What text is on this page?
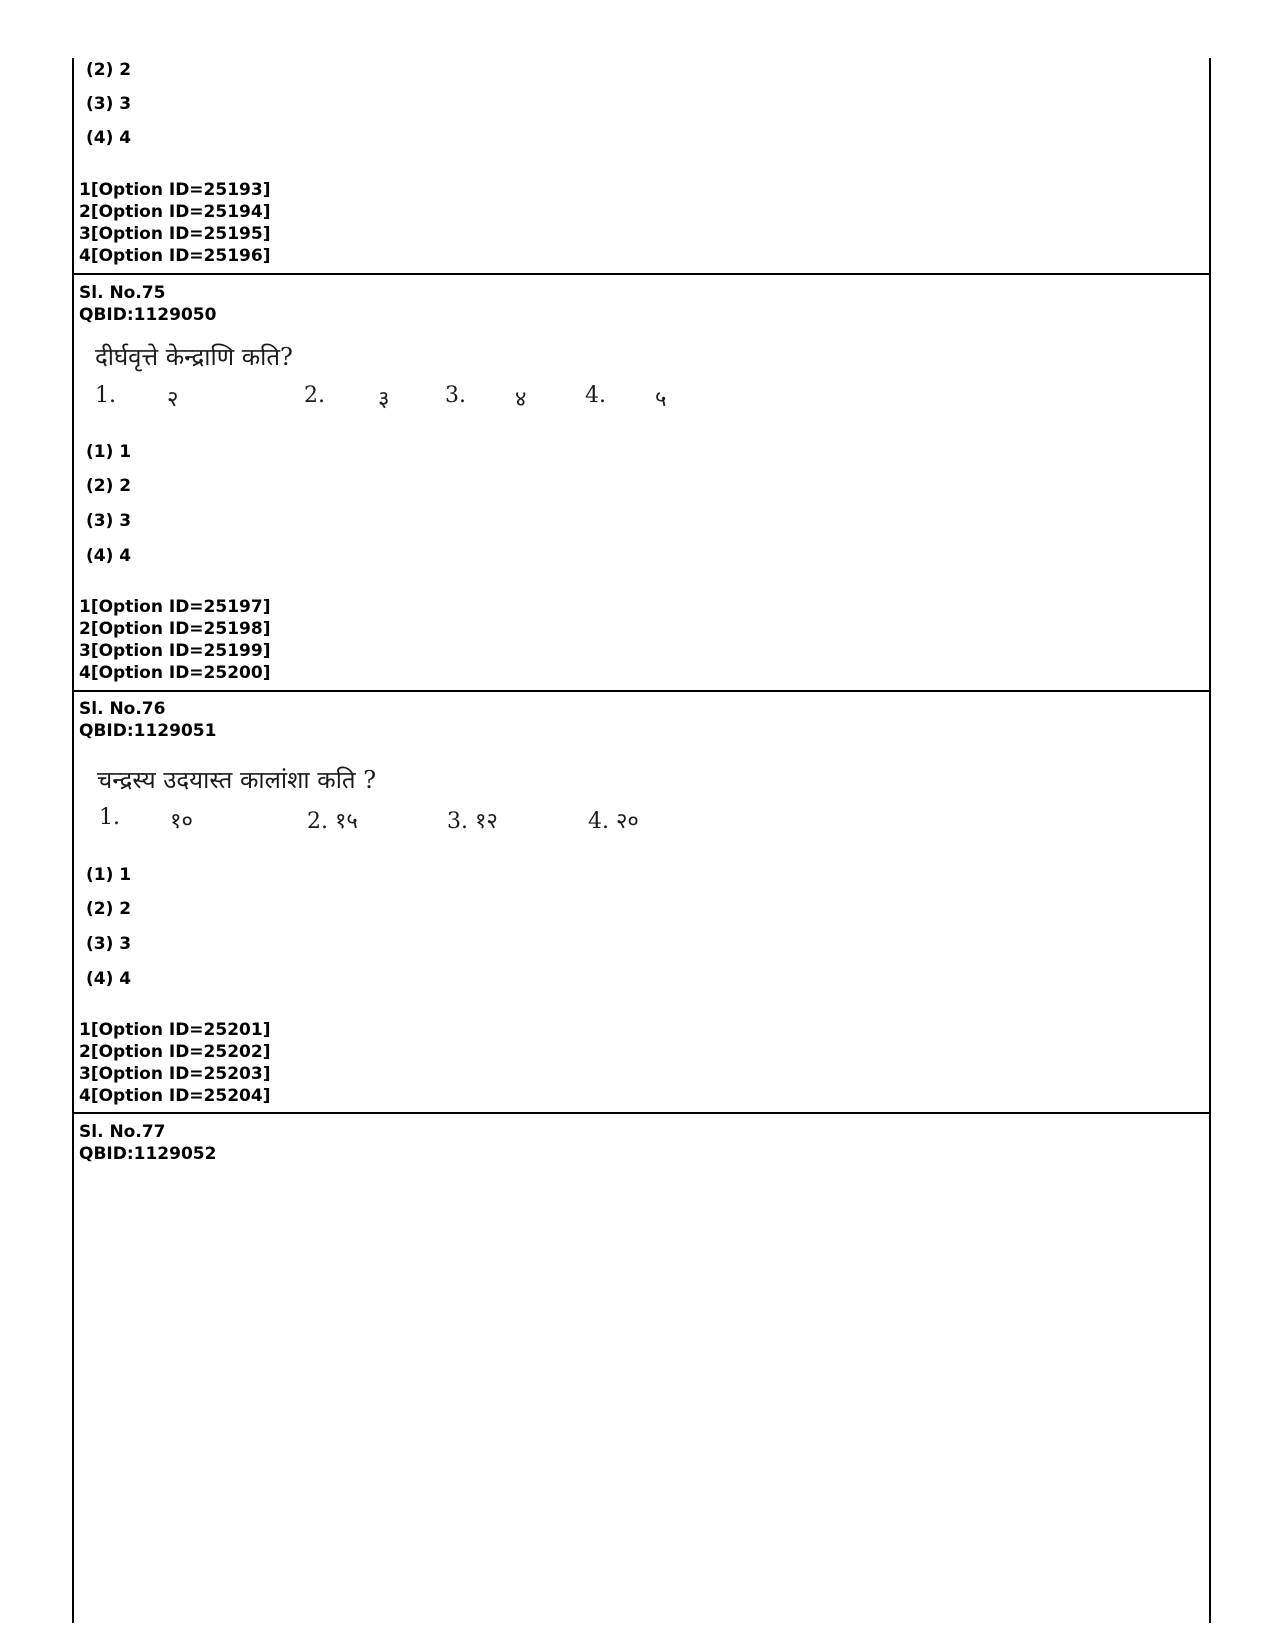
(2) 2
(3) 3
(4) 4
1[Option ID=25193]
2[Option ID=25194]
3[Option ID=25195]
4[Option ID=25196]
Sl. No.75
QBID:1129050
दीर्घवृत्ते केन्द्राणि कति?
1. २	2. ३	3. ४	4. ५
(1) 1
(2) 2
(3) 3
(4) 4
1[Option ID=25197]
2[Option ID=25198]
3[Option ID=25199]
4[Option ID=25200]
Sl. No.76
QBID:1129051
चन्द्रस्य उदयास्त कालांशा कति ?
1. १०	2. १५	3. १२	4. २०
(1) 1
(2) 2
(3) 3
(4) 4
1[Option ID=25201]
2[Option ID=25202]
3[Option ID=25203]
4[Option ID=25204]
Sl. No.77
QBID:1129052
